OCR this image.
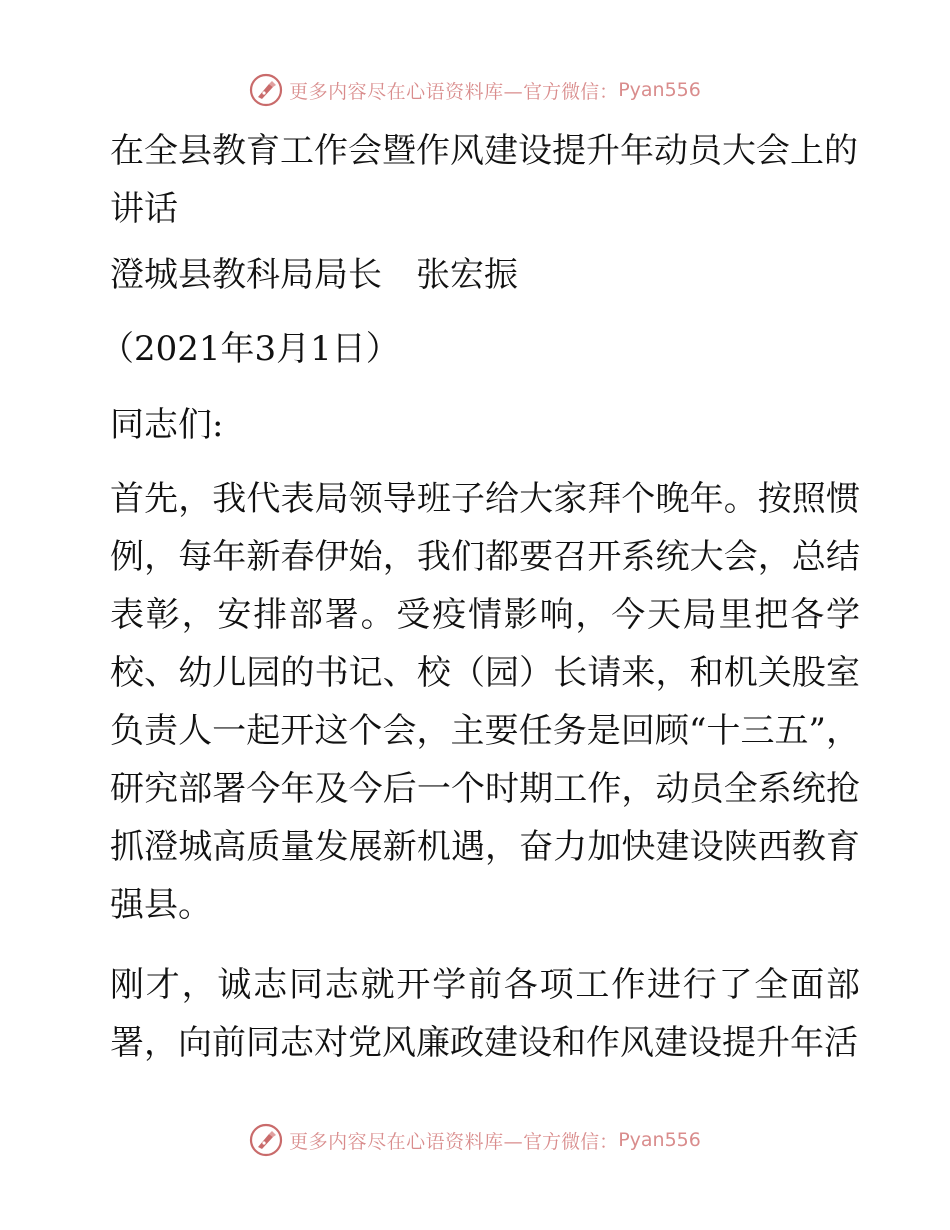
更多内容尽在心语资料库— 官方微信： Pyan556

在全县教育工作会暨作风建设提升年动员大会上的讲话

澄城县教科局局长　张宏振

（2021年3月1日）

同志们:

首先，我代表局领导班子给大家拜个晚年。按照惯例，每年新春伊始，我们都要召开系统大会，总结表彰，安排部署。受疫情影响，今天局里把各学校、幼儿园的书记、校（园）长请来，和机关股室负责人一起开这个会，主要任务是回顾“十三五”，研究部署今年及今后一个时期工作，动员全系统抢抓澄城高质量发展新机遇，奋力加快建设陕西教育强县。

刚才，诚志同志就开学前各项工作进行了全面部署，向前同志对党风廉政建设和作风建设提升年活

更多内容尽在心语资料库— 官方微信： Pyan556
